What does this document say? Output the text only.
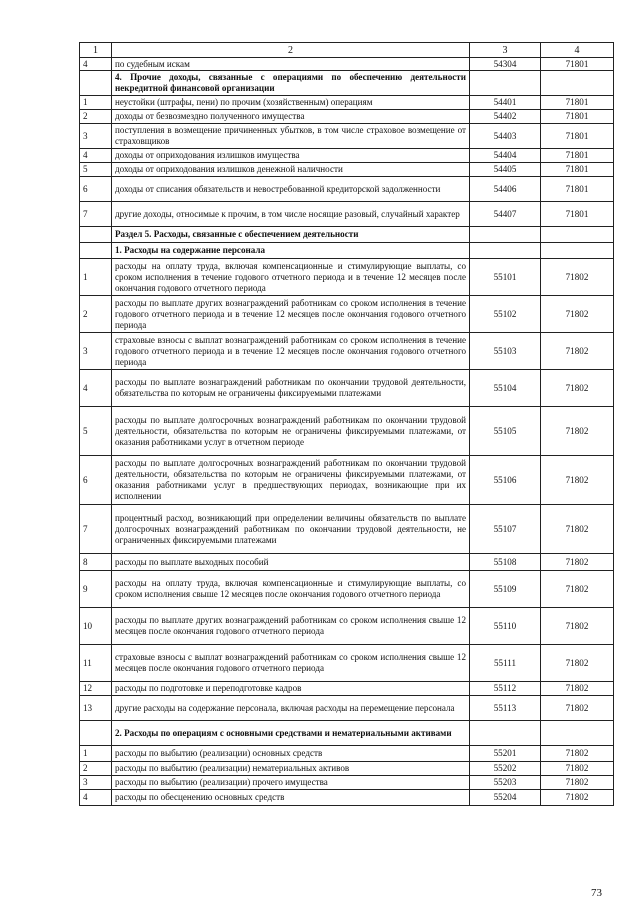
1	2	3	4
4	по судебным искам	54304	71801
	4. Прочие доходы, связанные с операциями по обеспечению деятельности некредитной финансовой организации		
1	неустойки (штрафы, пени) по прочим (хозяйственным) операциям	54401	71801
2	доходы от безвозмездно полученного имущества	54402	71801
3	поступления в возмещение причиненных убытков, в том числе страховое возмещение от страховщиков	54403	71801
4	доходы от оприходования излишков имущества	54404	71801
5	доходы от оприходования излишков денежной наличности	54405	71801
6	доходы от списания обязательств и невостребованной кредиторской задолженности	54406	71801
7	другие доходы, относимые к прочим, в том числе носящие разовый, случайный характер	54407	71801
	Раздел 5. Расходы, связанные с обеспечением деятельности		
	1. Расходы на содержание персонала		
1	расходы на оплату труда, включая компенсационные и стимулирующие выплаты, со сроком исполнения в течение годового отчетного периода и в течение 12 месяцев после окончания годового отчетного периода	55101	71802
2	расходы по выплате других вознаграждений работникам со сроком исполнения в течение годового отчетного периода и в течение 12 месяцев после окончания годового отчетного периода	55102	71802
3	страховые взносы с выплат вознаграждений работникам со сроком исполнения в течение годового отчетного периода и в течение 12 месяцев после окончания годового отчетного периода	55103	71802
4	расходы по выплате вознаграждений работникам по окончании трудовой деятельности, обязательства по которым не ограничены фиксируемыми платежами	55104	71802
5	расходы по выплате долгосрочных вознаграждений работникам по окончании трудовой деятельности, обязательства по которым не ограничены фиксируемыми платежами, от оказания работниками услуг в отчетном периоде	55105	71802
6	расходы по выплате долгосрочных вознаграждений работникам по окончании трудовой деятельности, обязательства по которым не ограничены фиксируемыми платежами, от оказания работниками услуг в предшествующих периодах, возникающие при их исполнении	55106	71802
7	процентный расход, возникающий при определении величины обязательств по выплате долгосрочных вознаграждений работникам по окончании трудовой деятельности, не ограниченных фиксируемыми платежами	55107	71802
8	расходы по выплате выходных пособий	55108	71802
9	расходы на оплату труда, включая компенсационные и стимулирующие выплаты, со сроком исполнения свыше 12 месяцев после окончания годового отчетного периода	55109	71802
10	расходы по выплате других вознаграждений работникам со сроком исполнения свыше 12 месяцев после окончания годового отчетного периода	55110	71802
11	страховые взносы с выплат вознаграждений работникам со сроком исполнения свыше 12 месяцев после окончания годового отчетного периода	55111	71802
12	расходы по подготовке и переподготовке кадров	55112	71802
13	другие расходы на содержание персонала, включая расходы на перемещение персонала	55113	71802
	2. Расходы по операциям с основными средствами и нематериальными активами		
1	расходы по выбытию (реализации) основных средств	55201	71802
2	расходы по выбытию (реализации) нематериальных активов	55202	71802
3	расходы по выбытию (реализации) прочего имущества	55203	71802
4	расходы по обесценению основных средств	55204	71802
73
